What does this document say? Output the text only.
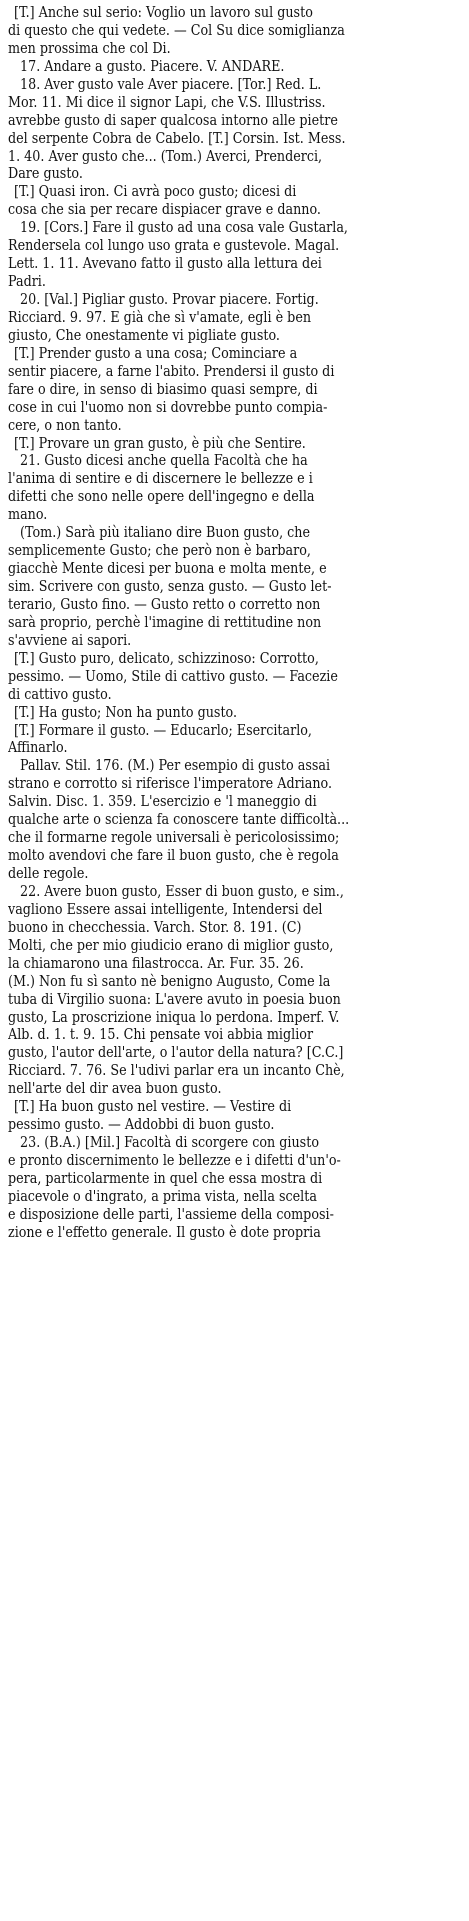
[T.] Anche sul serio: Voglio un lavoro sul gusto
di questo che qui vedete. — Col Su dice somiglianza
men prossima che col Di.
17. Andare a gusto. Piacere. V. ANDARE.
18. Aver gusto vale Aver piacere. [Tor.] Red. L.
Mor. 11. Mi dice il signor Lapi, che V.S. Illustriss.
avrebbe gusto di saper qualcosa intorno alle pietre
del serpente Cobra de Cabelo. [T.] Corsin. Ist. Mess.
1. 40. Aver gusto che... (Tom.) Averci, Prenderci,
Dare gusto.
[T.] Quasi iron. Ci avrà poco gusto; dicesi di
cosa che sia per recare dispiacer grave e danno.
19. [Cors.] Fare il gusto ad una cosa vale Gustarla,
Rendersela col lungo uso grata e gustevole. Magal.
Lett. 1. 11. Avevano fatto il gusto alla lettura dei
Padri.
20. [Val.] Pigliar gusto. Provar piacere. Fortig.
Ricciard. 9. 97. E già che sì v'amate, egli è ben
giusto, Che onestamente vi pigliate gusto.
[T.] Prender gusto a una cosa; Cominciare a
sentir piacere, a farne l'abito. Prendersi il gusto di
fare o dire, in senso di biasimo quasi sempre, di
cose in cui l'uomo non si dovrebbe punto compia-
cere, o non tanto.
[T.] Provare un gran gusto, è più che Sentire.
21. Gusto dicesi anche quella Facoltà che ha
l'anima di sentire e di discernere le bellezze e i
difetti che sono nelle opere dell'ingegno e della
mano.
(Tom.) Sarà più italiano dire Buon gusto, che
semplicemente Gusto; che però non è barbaro,
giacchè Mente dicesi per buona e molta mente, e
sim. Scrivere con gusto, senza gusto. — Gusto let-
terario, Gusto fino. — Gusto retto o corretto non
sarà proprio, perchè l'imagine di rettitudine non
s'avviene ai sapori.
[T.] Gusto puro, delicato, schizzinoso: Corrotto,
pessimo. — Uomo, Stile di cattivo gusto. — Facezie
di cattivo gusto.
[T.] Ha gusto; Non ha punto gusto.
[T.] Formare il gusto. — Educarlo; Esercitarlo,
Affinarlo.
Pallav. Stil. 176. (M.) Per esempio di gusto assai
strano e corrotto si riferisce l'imperatore Adriano.
Salvin. Disc. 1. 359. L'esercizio e 'l maneggio di
qualche arte o scienza fa conoscere tante difficoltà...
che il formarne regole universali è pericolosissimo;
molto avendovi che fare il buon gusto, che è regola
delle regole.
22. Avere buon gusto, Esser di buon gusto, e sim.,
vagliono Essere assai intelligente, Intendersi del
buono in checchessia. Varch. Stor. 8. 191. (C)
Molti, che per mio giudicio erano di miglior gusto,
la chiamarono una filastrocca. Ar. Fur. 35. 26.
(M.) Non fu sì santo nè benigno Augusto, Come la
tuba di Virgilio suona: L'avere avuto in poesia buon
gusto, La proscrizione iniqua lo perdona. Imperf. V.
Alb. d. 1. t. 9. 15. Chi pensate voi abbia miglior
gusto, l'autor dell'arte, o l'autor della natura? [C.C.]
Ricciard. 7. 76. Se l'udivi parlar era un incanto Chè,
nell'arte del dir avea buon gusto.
[T.] Ha buon gusto nel vestire. — Vestire di
pessimo gusto. — Addobbi di buon gusto.
23. (B.A.) [Mil.] Facoltà di scorgere con giusto
e pronto discernimento le bellezze e i difetti d'un'o-
pera, particolarmente in quel che essa mostra di
piacevole o d'ingrato, a prima vista, nella scelta
e disposizione delle parti, l'assieme della composi-
zione e l'effetto generale. Il gusto è dote propria
